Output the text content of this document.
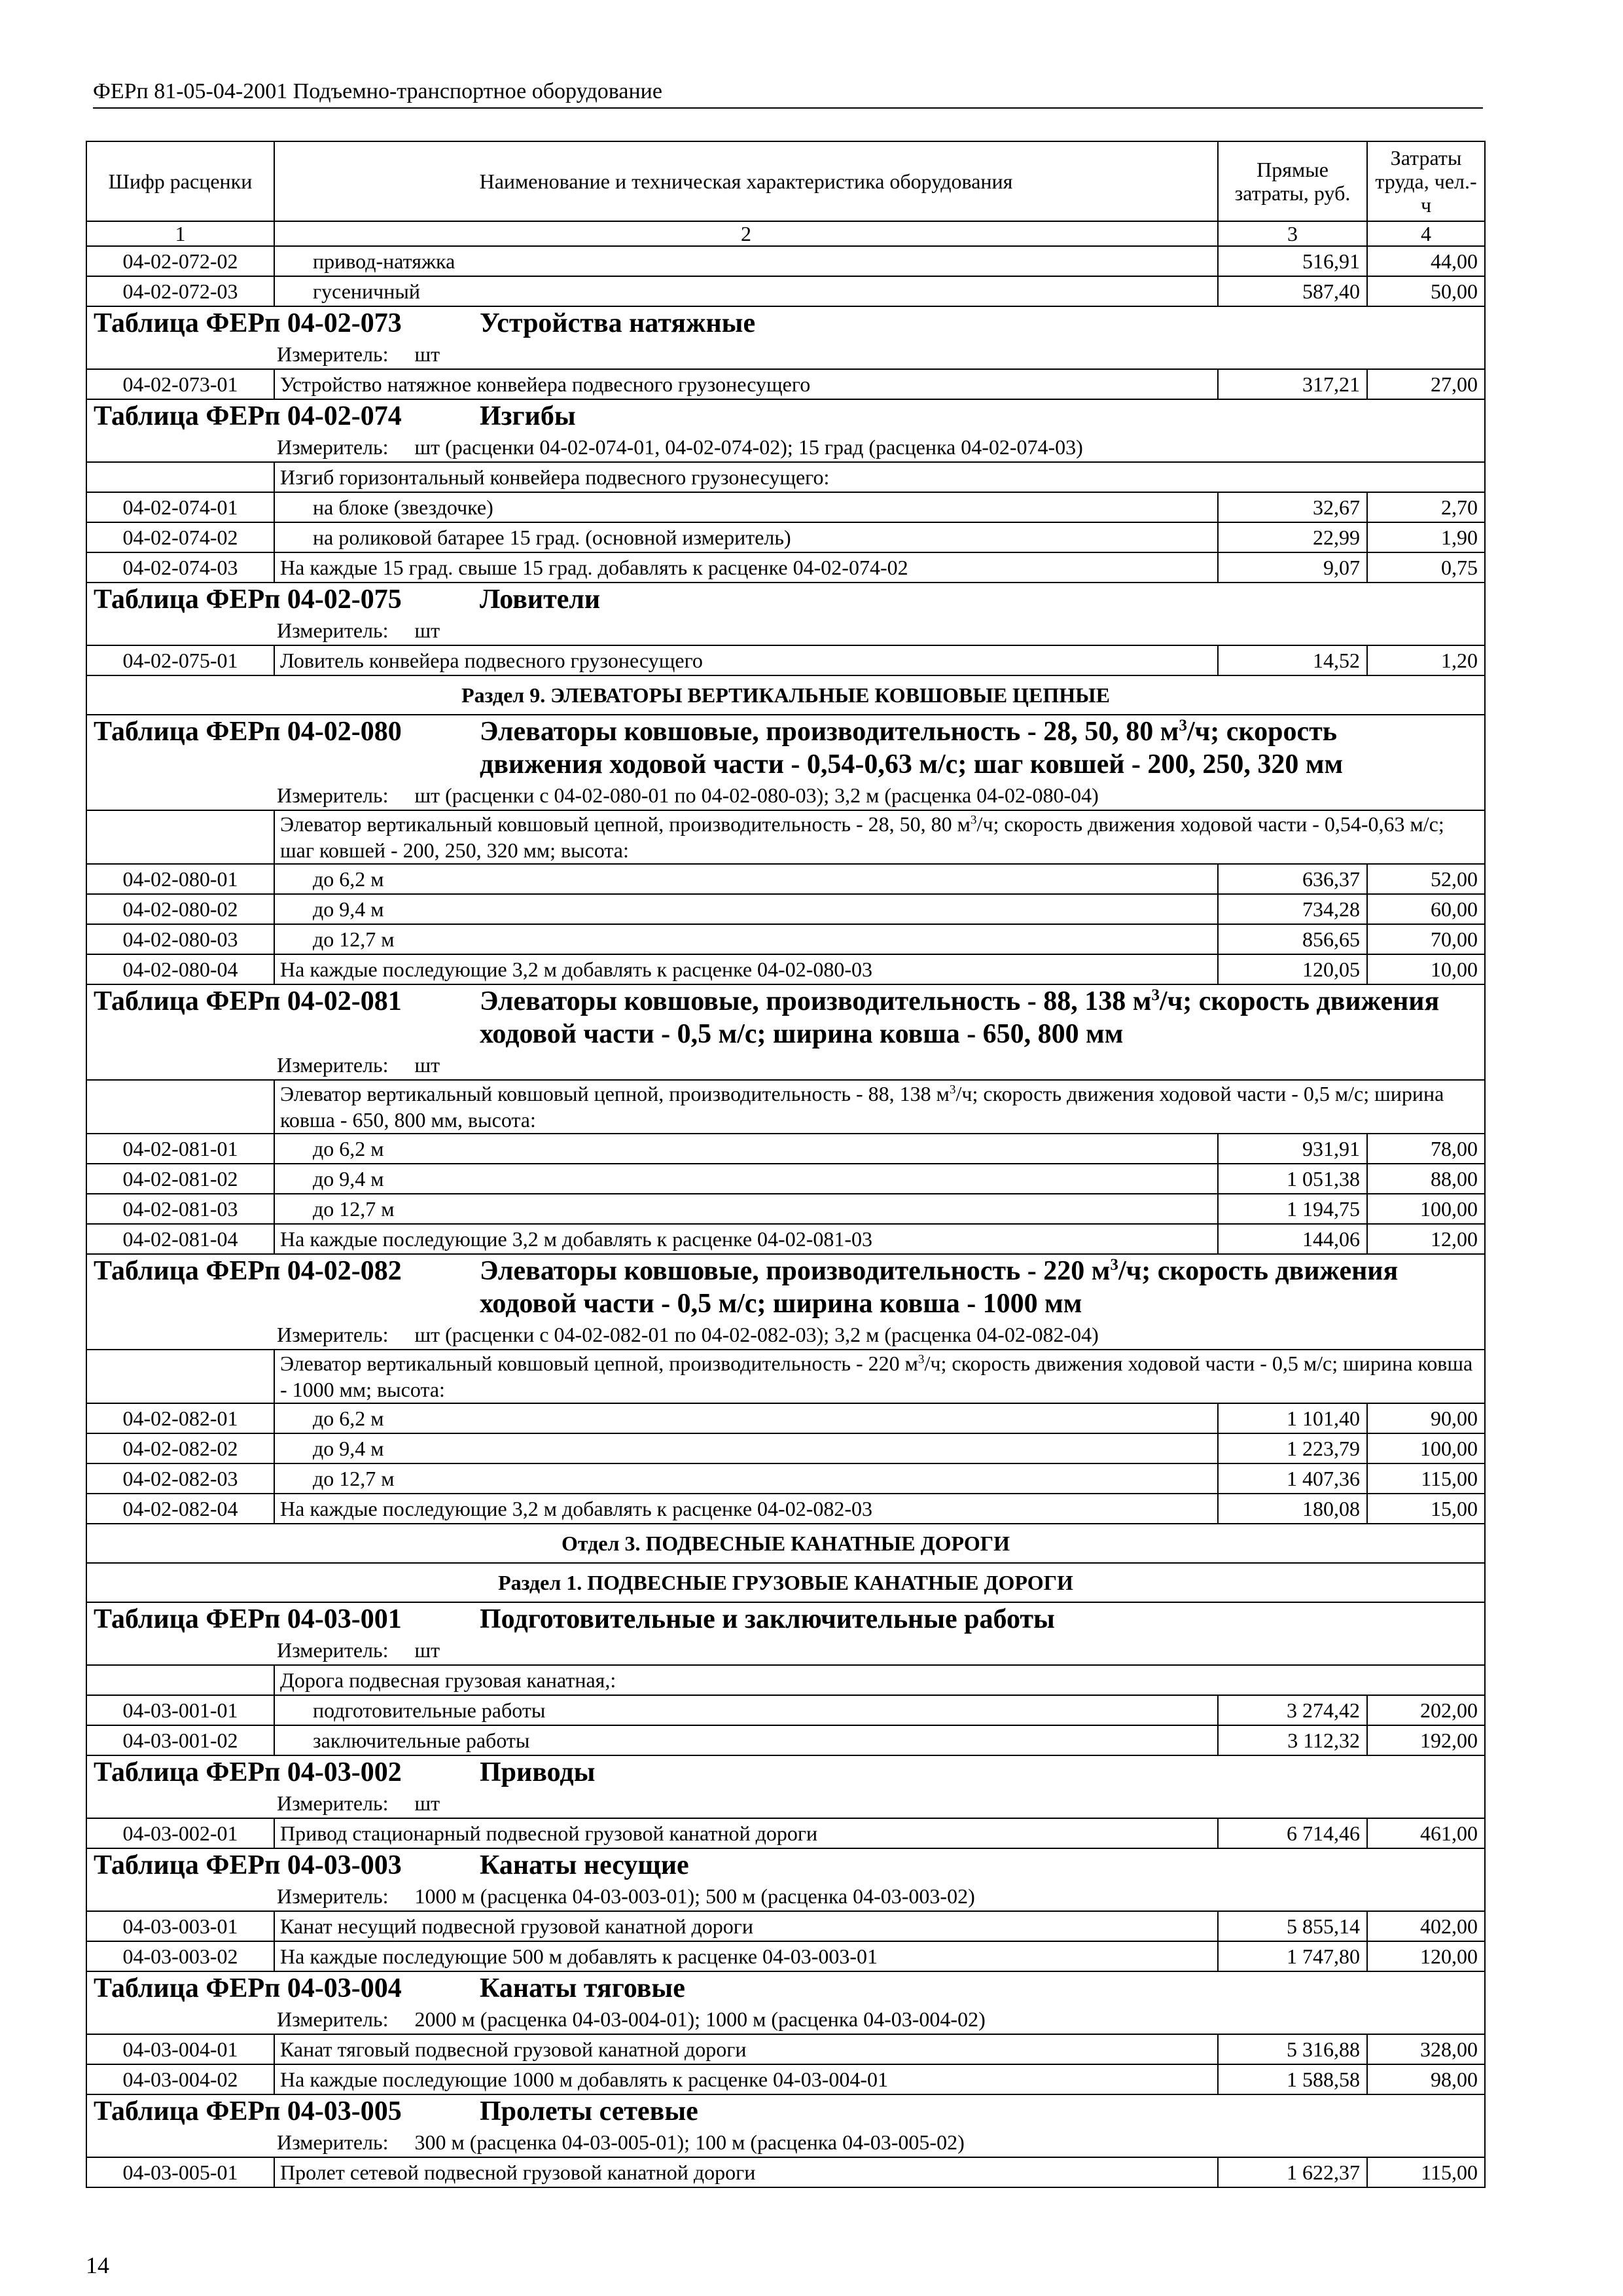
ФЕРп 81-05-04-2001 Подъемно-транспортное оборудование
Шифр расценки	Наименование и техническая характеристика оборудования	Прямые затраты, руб.	Затраты труда, чел.-ч
1	2	3	4
04-02-072-02	привод-натяжка	516,91	44,00
04-02-072-03	гусеничный	587,40	50,00

Таблица ФЕРп 04-02-073 Устройства натяжные			

Измеритель: шт			
04-02-073-01	Устройство натяжное конвейера подвесного грузонесущего	317,21	27,00

Таблица ФЕРп 04-02-074 Изгибы			

Измеритель: шт (расценки 04-02-074-01, 04-02-074-02); 15 град (расценка 04-02-074-03)			
	Изгиб горизонтальный конвейера подвесного грузонесущего:		
04-02-074-01	на блоке (звездочке)	32,67	2,70
04-02-074-02	на роликовой батарее 15 град. (основной измеритель)	22,99	1,90
04-02-074-03	На каждые 15 град. свыше 15 град. добавлять к расценке 04-02-074-02	9,07	0,75

Таблица ФЕРп 04-02-075 Ловители			

Измеритель: шт			
04-02-075-01	Ловитель конвейера подвесного грузонесущего	14,52	1,20
Раздел 9. ЭЛЕВАТОРЫ ВЕРТИКАЛЬНЫЕ КОВШОВЫЕ ЦЕПНЫЕ			

Таблица ФЕРп 04-02-080 Элеваторы ковшовые, производительность - 28, 50, 80 $м^3/ч$; скорость движения ходовой части - 0,54-0,63 м/с; шаг ковшей - 200, 250, 320 мм			

Измеритель: шт (расценки с 04-02-080-01 по 04-02-080-03); 3,2 м (расценка 04-02-080-04)			
	Элеватор вертикальный ковшовый цепной, производительность - 28, 50, 80 $м^3/ч$; скорость движения ходовой части - 0,54-0,63 м/с; шаг ковшей - 200, 250, 320 мм; высота:		
04-02-080-01	до 6,2 м	636,37	52,00
04-02-080-02	до 9,4 м	734,28	60,00
04-02-080-03	до 12,7 м	856,65	70,00
04-02-080-04	На каждые последующие 3,2 м добавлять к расценке 04-02-080-03	120,05	10,00

Таблица ФЕРп 04-02-081 Элеваторы ковшовые, производительность - 88, 138 $м^3/ч$; скорость движения ходовой части - 0,5 м/с; ширина ковша - 650, 800 мм			

Измеритель: шт			
	Элеватор вертикальный ковшовый цепной, производительность - 88, 138 $м^3/ч$; скорость движения ходовой части - 0,5 м/с; ширина ковша - 650, 800 мм, высота:		
04-02-081-01	до 6,2 м	931,91	78,00
04-02-081-02	до 9,4 м	1 051,38	88,00
04-02-081-03	до 12,7 м	1 194,75	100,00
04-02-081-04	На каждые последующие 3,2 м добавлять к расценке 04-02-081-03	144,06	12,00

Таблица ФЕРп 04-02-082 Элеваторы ковшовые, производительность - 220 $м^3/ч$; скорость движения ходовой части - 0,5 м/с; ширина ковша - 1000 мм			

Измеритель: шт (расценки с 04-02-082-01 по 04-02-082-03); 3,2 м (расценка 04-02-082-04)			
	Элеватор вертикальный ковшовый цепной, производительность - 220 $м^3/ч$; скорость движения ходовой части - 0,5 м/с; ширина ковша - 1000 мм; высота:		
04-02-082-01	до 6,2 м	1 101,40	90,00
04-02-082-02	до 9,4 м	1 223,79	100,00
04-02-082-03	до 12,7 м	1 407,36	115,00
04-02-082-04	На каждые последующие 3,2 м добавлять к расценке 04-02-082-03	180,08	15,00
Отдел 3. ПОДВЕСНЫЕ КАНАТНЫЕ ДОРОГИ			
Раздел 1. ПОДВЕСНЫЕ ГРУЗОВЫЕ КАНАТНЫЕ ДОРОГИ			

Таблица ФЕРп 04-03-001 Подготовительные и заключительные работы			

Измеритель: шт			
	Дорога подвесная грузовая канатная,:		
04-03-001-01	подготовительные работы	3 274,42	202,00
04-03-001-02	заключительные работы	3 112,32	192,00

Таблица ФЕРп 04-03-002 Приводы			

Измеритель: шт			
04-03-002-01	Привод стационарный подвесной грузовой канатной дороги	6 714,46	461,00

Таблица ФЕРп 04-03-003 Канаты несущие			

Измеритель: 1000 м (расценка 04-03-003-01); 500 м (расценка 04-03-003-02)			
04-03-003-01	Канат несущий подвесной грузовой канатной дороги	5 855,14	402,00
04-03-003-02	На каждые последующие 500 м добавлять к расценке 04-03-003-01	1 747,80	120,00

Таблица ФЕРп 04-03-004 Канаты тяговые			

Измеритель: 2000 м (расценка 04-03-004-01); 1000 м (расценка 04-03-004-02)			
04-03-004-01	Канат тяговый подвесной грузовой канатной дороги	5 316,88	328,00
04-03-004-02	На каждые последующие 1000 м добавлять к расценке 04-03-004-01	1 588,58	98,00

Таблица ФЕРп 04-03-005 Пролеты сетевые			

Измеритель: 300 м (расценка 04-03-005-01); 100 м (расценка 04-03-005-02)			
04-03-005-01	Пролет сетевой подвесной грузовой канатной дороги	1 622,37	115,00
14
